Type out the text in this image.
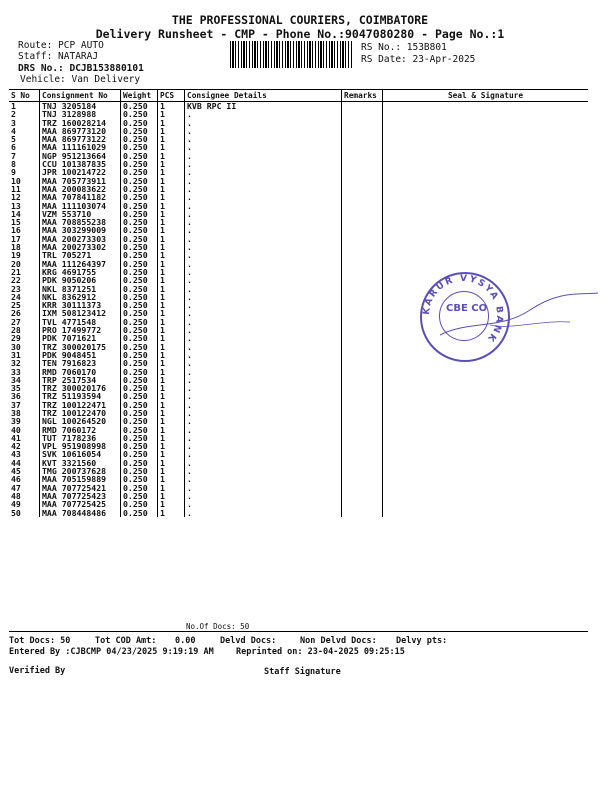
THE PROFESSIONAL COURIERS, COIMBATORE
Delivery Runsheet - CMP - Phone No.:9047080280 - Page No.:1
Route: PCP AUTO
Staff: NATARAJ
DRS No.: DCJB153880101
Vehicle: Van Delivery
RS No.: 153B801
RS Date: 23-Apr-2025
S No	Consignment No	Weight	PCS	Consignee Details	Remarks	Seal & Signature
1	TNJ 3205184	0.250	1	KVB RPC II		
2	TNJ 3128988	0.250	1	.		
3	TRZ 160028214	0.250	1	.		
4	MAA 869773120	0.250	1	.		
5	MAA 869773122	0.250	1	.		
6	MAA 111161029	0.250	1	.		
7	NGP 951213664	0.250	1	.		
8	CCU 101387835	0.250	1	.		
9	JPR 100214722	0.250	1	.		
10	MAA 705773911	0.250	1	.		
11	MAA 200083622	0.250	1	.		
12	MAA 707841182	0.250	1	.		
13	MAA 111103074	0.250	1	.		
14	VZM 553710	0.250	1	.		
15	MAA 708855238	0.250	1	.		
16	MAA 303299009	0.250	1	.		
17	MAA 200273303	0.250	1	.		
18	MAA 200273302	0.250	1	.		
19	TRL 705271	0.250	1	.		
20	MAA 111264397	0.250	1	.		
21	KRG 4691755	0.250	1	.		
22	PDK 9050206	0.250	1	.		
23	NKL 8371251	0.250	1	.		
24	NKL 8362912	0.250	1	.		
25	KRR 30111373	0.250	1	.		
26	IXM 508123412	0.250	1	.		
27	TVL 4771548	0.250	1	.		
28	PRO 17499772	0.250	1	.		
29	PDK 7071621	0.250	1	.		
30	TRZ 300020175	0.250	1	.		
31	PDK 9048451	0.250	1	.		
32	TEN 7916823	0.250	1	.		
33	RMD 7060170	0.250	1	.		
34	TRP 2517534	0.250	1	.		
35	TRZ 300020176	0.250	1	.		
36	TRZ 51193594	0.250	1	.		
37	TRZ 100122471	0.250	1	.		
38	TRZ 100122470	0.250	1	.		
39	NGL 100264520	0.250	1	.		
40	RMD 7060172	0.250	1	.		
41	TUT 7178236	0.250	1	.		
42	VPL 951908998	0.250	1	.		
43	SVK 10616054	0.250	1	.		
44	KVT 3321560	0.250	1	.		
45	TMG 200737628	0.250	1	.		
46	MAA 705159889	0.250	1	.		
47	MAA 707725421	0.250	1	.		
48	MAA 707725423	0.250	1	.		
49	MAA 707725425	0.250	1	.		
50	MAA 708448486	0.250	1	.		
No.Of Docs: 50
Tot Docs: 50	Tot COD Amt: 0.00	Delvd Docs:	Non Delvd Docs: Delvy pts:
Entered By :CJBCMP 04/23/2025 9:19:19 AM	Reprinted on: 23-04-2025 09:25:15
Verified By	Staff Signature
KARUR VYSYA BANK
CBE CO
